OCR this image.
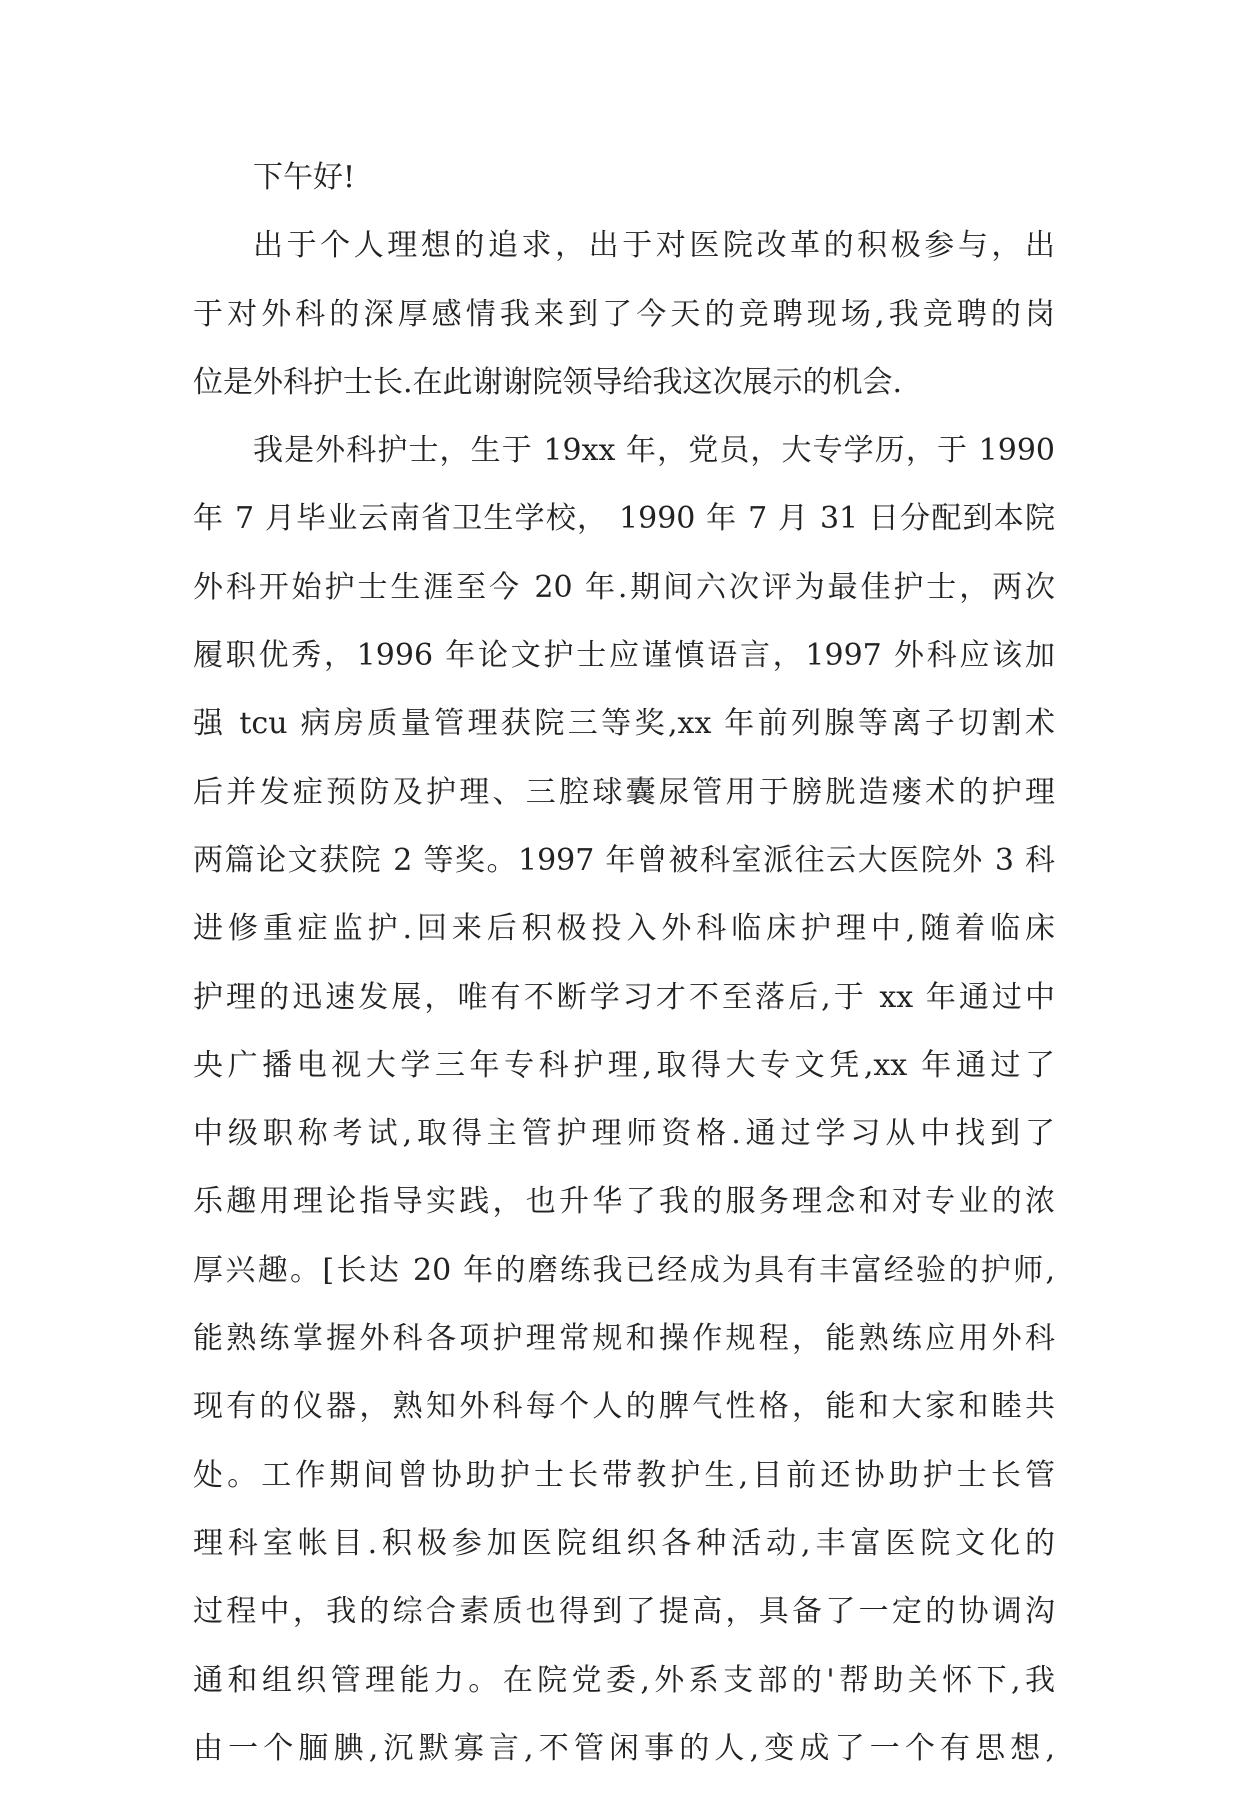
下午好!
出于个人理想的追求，出于对医院改革的积极参与，出
于对外科的深厚感情我来到了今天的竞聘现场,我竞聘的岗
位是外科护士长.在此谢谢院领导给我这次展示的机会.
我是外科护士，生于 19xx 年，党员，大专学历，于 1990
年 7 月毕业云南省卫生学校， 1990 年 7 月 31 日分配到本院
外科开始护士生涯至今 20 年.期间六次评为最佳护士，两次
履职优秀，1996 年论文护士应谨慎语言，1997 外科应该加
强 tcu 病房质量管理获院三等奖,xx 年前列腺等离子切割术
后并发症预防及护理、三腔球囊尿管用于膀胱造瘘术的护理
两篇论文获院 2 等奖。1997 年曾被科室派往云大医院外 3 科
进修重症监护.回来后积极投入外科临床护理中,随着临床
护理的迅速发展，唯有不断学习才不至落后,于 xx 年通过中
央广播电视大学三年专科护理,取得大专文凭,xx 年通过了
中级职称考试,取得主管护理师资格.通过学习从中找到了
乐趣用理论指导实践，也升华了我的服务理念和对专业的浓
厚兴趣。[长达 20 年的磨练我已经成为具有丰富经验的护师,
能熟练掌握外科各项护理常规和操作规程，能熟练应用外科
现有的仪器，熟知外科每个人的脾气性格，能和大家和睦共
处。工作期间曾协助护士长带教护生,目前还协助护士长管
理科室帐目.积极参加医院组织各种活动,丰富医院文化的
过程中，我的综合素质也得到了提高，具备了一定的协调沟
通和组织管理能力。在院党委,外系支部的'帮助关怀下,我
由一个腼腆,沉默寡言,不管闲事的人,变成了一个有思想,
